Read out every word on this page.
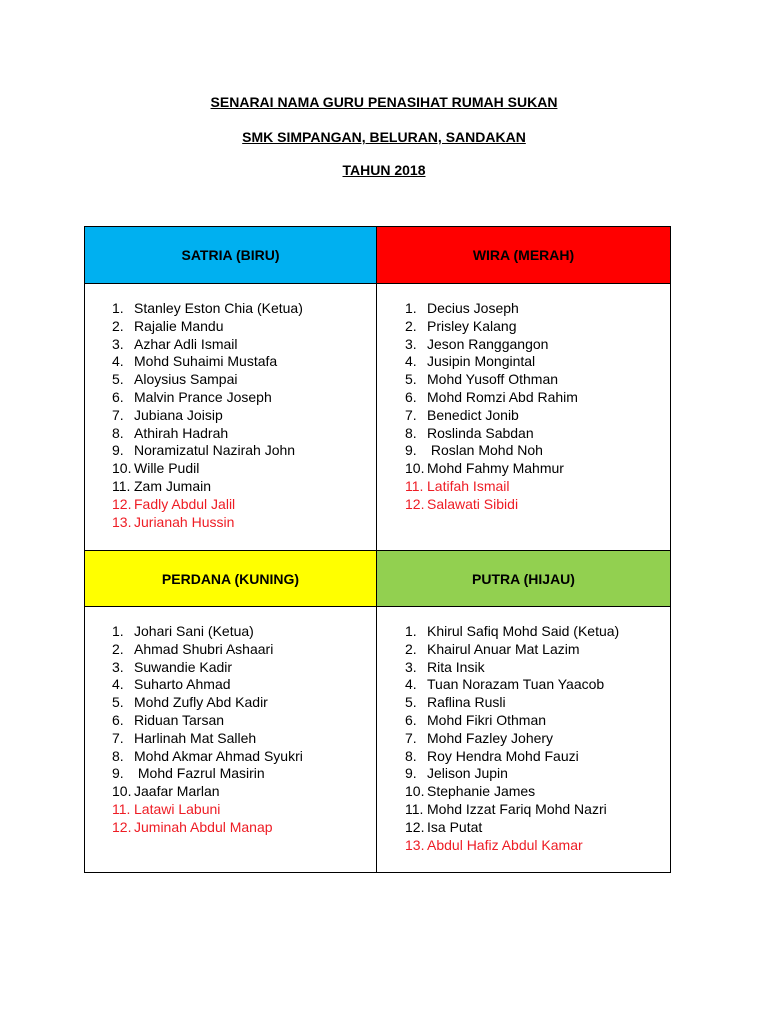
SENARAI NAMA GURU PENASIHAT RUMAH SUKAN
SMK SIMPANGAN, BELURAN, SANDAKAN
TAHUN 2018
SATRIA (BIRU)	WIRA (MERAH)
1. Stanley Eston Chia (Ketua)
2. Rajalie Mandu
3. Azhar Adli Ismail
4. Mohd Suhaimi Mustafa
5. Aloysius Sampai
6. Malvin Prance Joseph
7. Jubiana Joisip
8. Athirah Hadrah
9. Noramizatul Nazirah John
10. Wille Pudil
11. Zam Jumain
12. Fadly Abdul Jalil
13. Jurianah Hussin
1. Decius Joseph
2. Prisley Kalang
3. Jeson Ranggangon
4. Jusipin Mongintal
5. Mohd Yusoff Othman
6. Mohd Romzi Abd Rahim
7. Benedict Jonib
8. Roslinda Sabdan
9. Roslan Mohd Noh
10. Mohd Fahmy Mahmur
11. Latifah Ismail
12. Salawati Sibidi
PERDANA (KUNING)	PUTRA (HIJAU)
1. Johari Sani (Ketua)
2. Ahmad Shubri Ashaari
3. Suwandie Kadir
4. Suharto Ahmad
5. Mohd Zufly Abd Kadir
6. Riduan Tarsan
7. Harlinah Mat Salleh
8. Mohd Akmar Ahmad Syukri
9. Mohd Fazrul Masirin
10. Jaafar Marlan
11. Latawi Labuni
12. Juminah Abdul Manap
1. Khirul Safiq Mohd Said (Ketua)
2. Khairul Anuar Mat Lazim
3. Rita Insik
4. Tuan Norazam Tuan Yaacob
5. Raflina Rusli
6. Mohd Fikri Othman
7. Mohd Fazley Johery
8. Roy Hendra Mohd Fauzi
9. Jelison Jupin
10. Stephanie James
11. Mohd Izzat Fariq Mohd Nazri
12. Isa Putat
13. Abdul Hafiz Abdul Kamar
